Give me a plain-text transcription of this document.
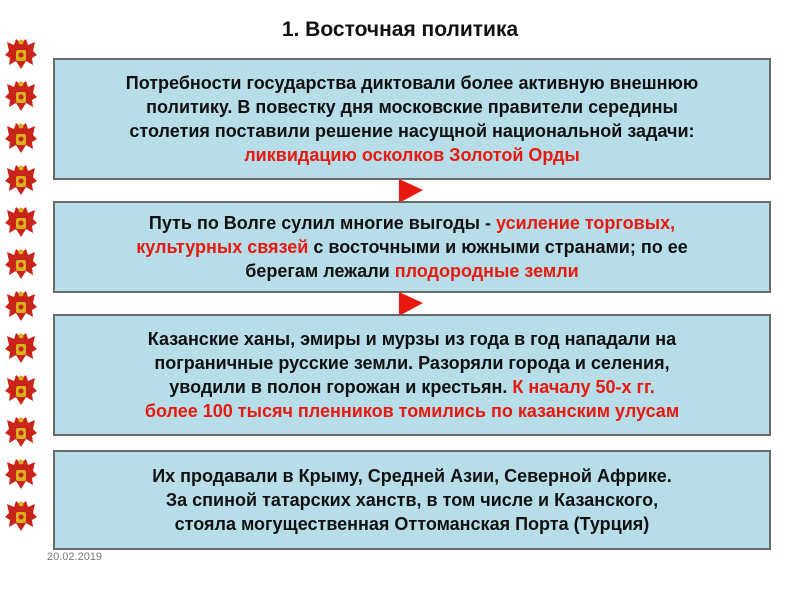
1. Восточная политика
Потребности государства диктовали более активную внешнюю
политику. В повестку дня московские правители середины
столетия поставили решение насущной национальной задачи:
ликвидацию осколков Золотой Орды
Путь по Волге сулил многие выгоды - усиление торговых,
культурных связей с восточными и южными странами; по ее
берегам лежали плодородные земли
Казанские ханы, эмиры и мурзы из года в год нападали на
пограничные русские земли. Разоряли города и селения,
уводили в полон горожан и крестьян. К началу 50-х гг.
более 100 тысяч пленников томились по казанским улусам
Их продавали в Крыму, Средней Азии, Северной Африке.
За спиной татарских ханств, в том числе и Казанского,
стояла могущественная Оттоманская Порта (Турция)
20.02.2019
